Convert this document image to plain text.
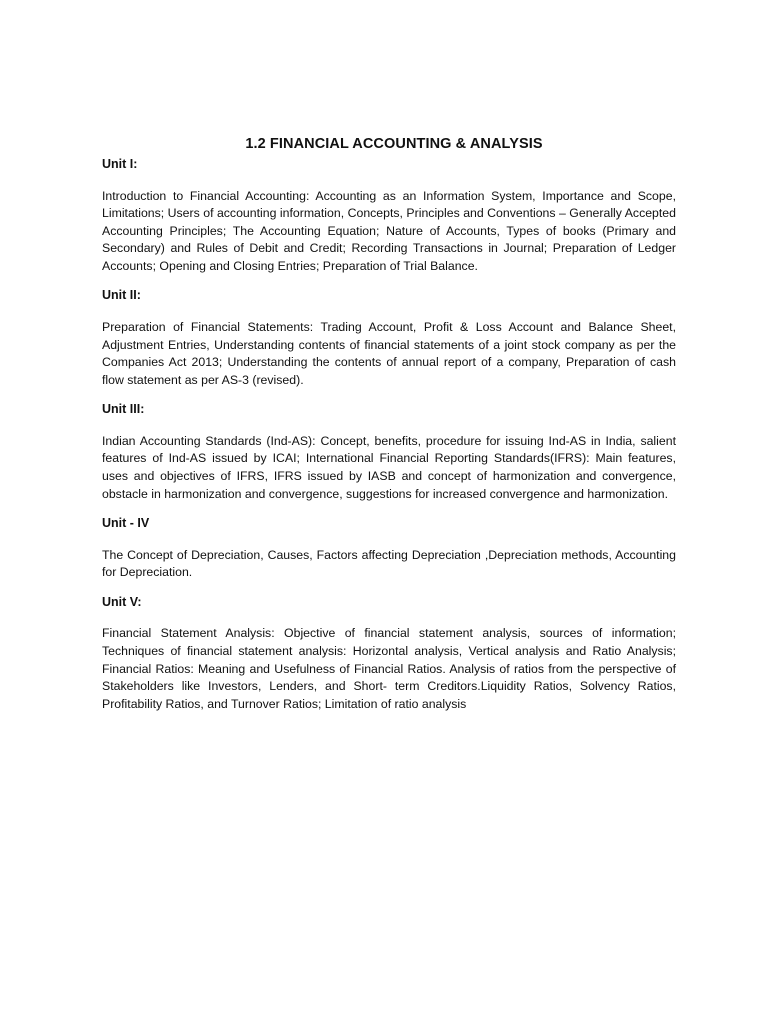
1.2 FINANCIAL ACCOUNTING & ANALYSIS

Unit I:

Introduction to Financial Accounting: Accounting as an Information System, Importance and Scope, Limitations; Users of accounting information, Concepts, Principles and Conventions – Generally Accepted Accounting Principles; The Accounting Equation; Nature of Accounts, Types of books (Primary and Secondary) and Rules of Debit and Credit; Recording Transactions in Journal; Preparation of Ledger Accounts; Opening and Closing Entries; Preparation of Trial Balance.

Unit II:

Preparation of Financial Statements: Trading Account, Profit & Loss Account and Balance Sheet, Adjustment Entries, Understanding contents of financial statements of a joint stock company as per the Companies Act 2013; Understanding the contents of annual report of a company, Preparation of cash flow statement as per AS-3 (revised).

Unit III:

Indian Accounting Standards (Ind-AS): Concept, benefits, procedure for issuing Ind-AS in India, salient features of Ind-AS issued by ICAI; International Financial Reporting Standards(IFRS): Main features, uses and objectives of IFRS, IFRS issued by IASB and concept of harmonization and convergence, obstacle in harmonization and convergence, suggestions for increased convergence and harmonization.

Unit - IV

The Concept of Depreciation, Causes, Factors affecting Depreciation ,Depreciation methods, Accounting for Depreciation.

Unit V:

Financial Statement Analysis: Objective of financial statement analysis, sources of information; Techniques of financial statement analysis: Horizontal analysis, Vertical analysis and Ratio Analysis; Financial Ratios: Meaning and Usefulness of Financial Ratios. Analysis of ratios from the perspective of Stakeholders like Investors, Lenders, and Short- term Creditors.Liquidity Ratios, Solvency Ratios, Profitability Ratios, and Turnover Ratios; Limitation of ratio analysis
